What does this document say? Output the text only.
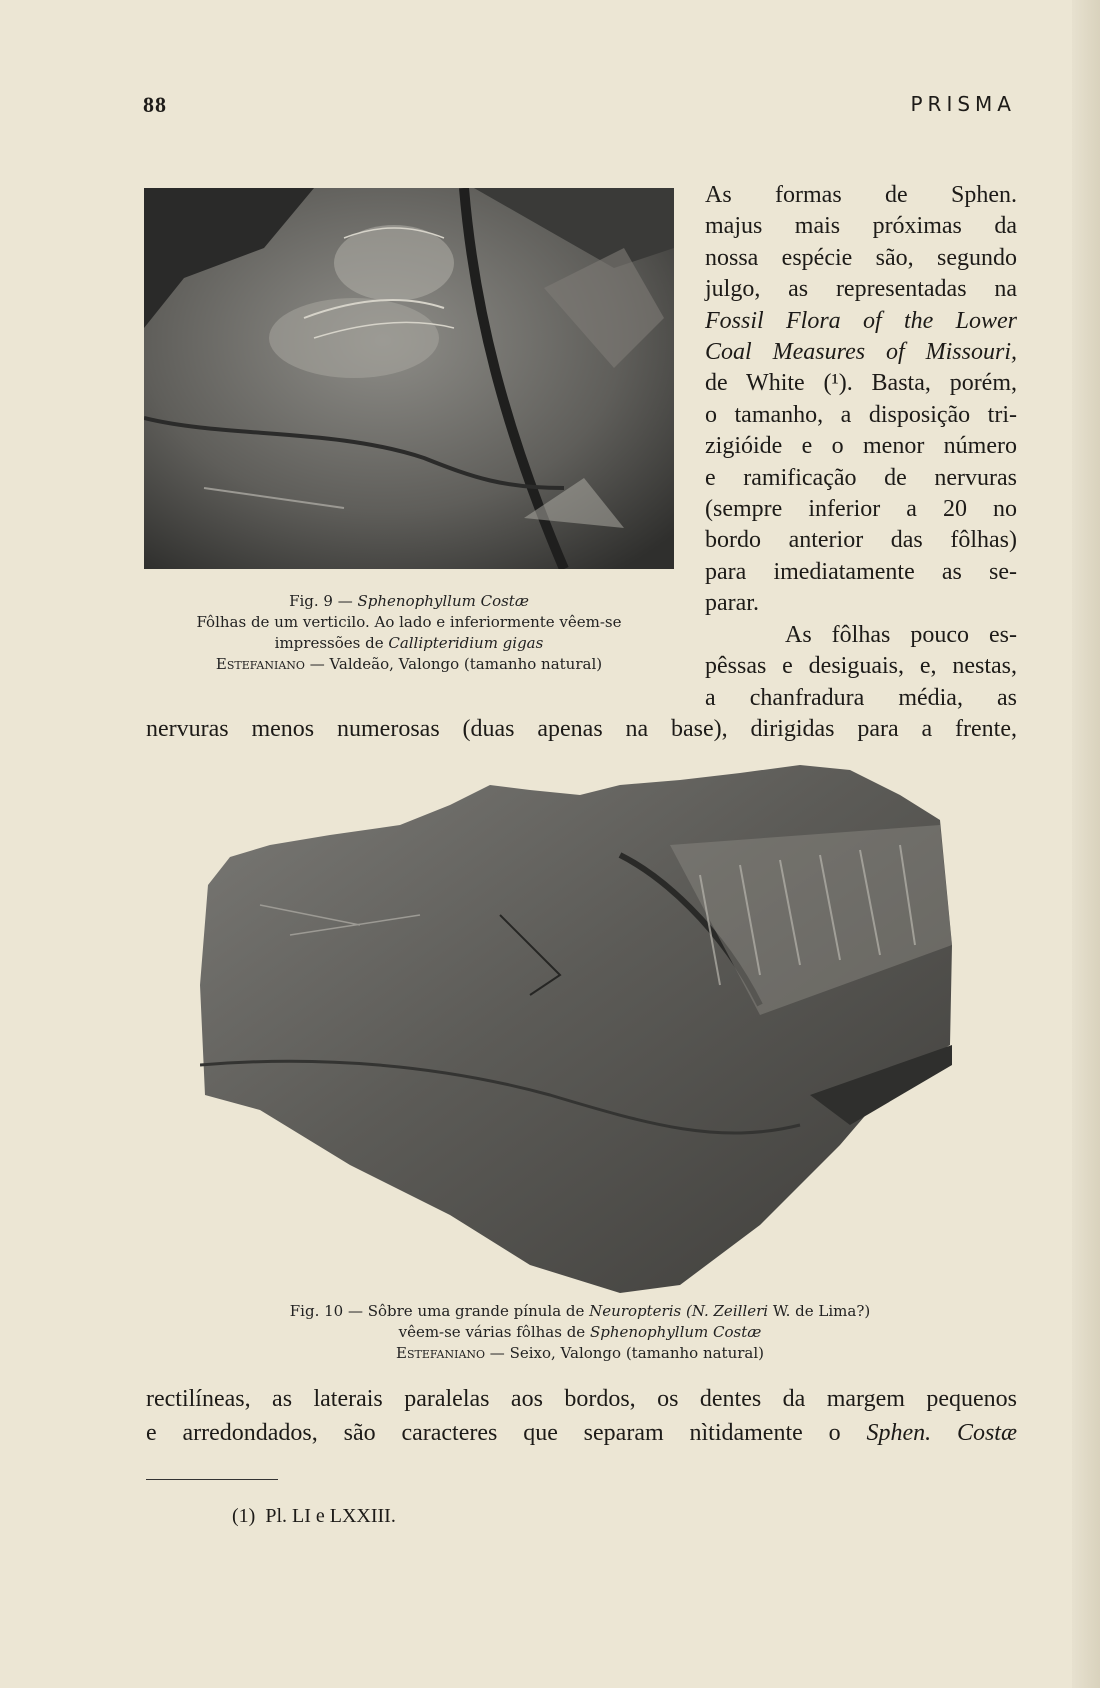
88	PRISMA
Fig. 9 — Sphenophyllum Costæ
Fôlhas de um verticilo. Ao lado e inferiormente vêem-se
impressões de Callipteridium gigas
Estefaniano — Valdeão, Valongo (tamanho natural)
As formas de Sphen.
majus mais próximas da
nossa espécie são, segundo
julgo, as representadas na
Fossil Flora of the Lower
Coal Measures of Missouri,
de White (¹). Basta, porém,
o tamanho, a disposição tri-
zigióide e o menor número
e ramificação de nervuras
(sempre inferior a 20 no
bordo anterior das fôlhas)
para imediatamente as se-
parar.
As fôlhas pouco es-
pêssas e desiguais, e, nestas,
a chanfradura média, as
nervuras menos numerosas (duas apenas na base), dirigidas para a frente,
Fig. 10 — Sôbre uma grande pínula de Neuropteris (N. Zeilleri W. de Lima?)
vêem-se várias fôlhas de Sphenophyllum Costæ
Estefaniano — Seixo, Valongo (tamanho natural)
rectilíneas, as laterais paralelas aos bordos, os dentes da margem pequenos
e arredondados, são caracteres que separam nìtidamente o Sphen. Costæ
(1) Pl. LI e LXXIII.
